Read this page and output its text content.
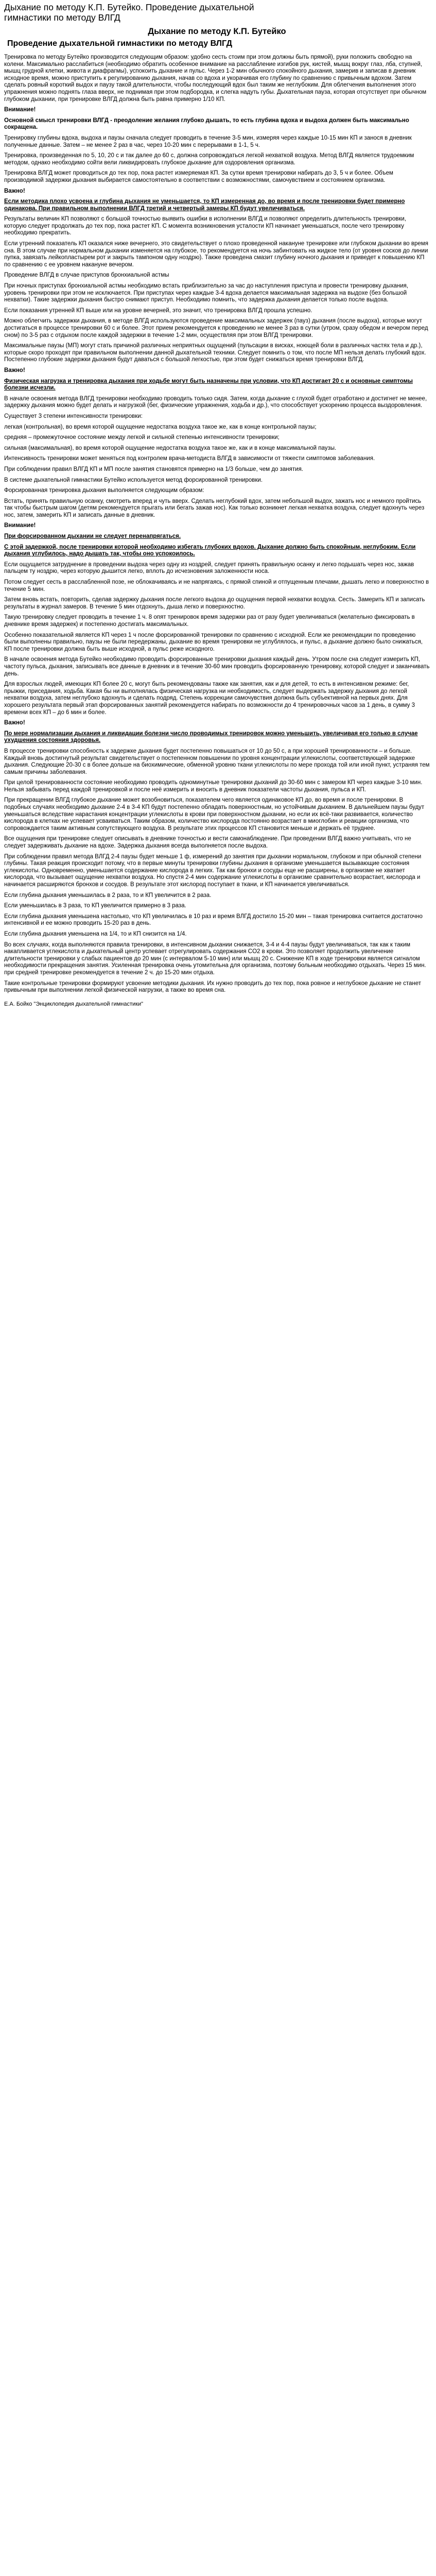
Дыхание по методу К.П. Бутейко. Проведение дыхательной гимнастики по методу ВЛГД
Дыхание по методу К.П. Бутейко
Проведение дыхательной гимнастики по методу ВЛГД

Тренировка по методу Бутейко производится следующим образом: удобно сесть стоим при этом должны быть прямой), руки положить свободно на колени. Максимально расслабиться (необходимо обратить особенное внимание на расслабление изгибов рук, кистей, мышц вокруг глаз, лба, ступней, мышц грудной клетки, живота и диафрагмы), успокоить дыхание и пульс. Через 1-2 мин обычного спокойного дыхания, замерив и записав в дневник исходное время, можно приступить к регулированию дыхания, начав со вдоха и укорачивая его глубину по сравнению с привычным вдохом. Затем сделать ровный короткий выдох и паузу такой длительности, чтобы последующий вдох был таким же неглубоким. Для облегчения выполнения этого упражнения можно поднять глаза вверх, не поднимая при этом подбородка, и слегка надуть губы. Дыхательная пауза, которая отсутствует при обычном глубоком дыхании, при тренировке ВЛГД должна быть равна примерно 1/10 КП.

Внимание!

Основной смысл тренировки ВЛГД - преодоление желания глубоко дышать, то есть глубина вдоха и выдоха должен быть максимально сокращена.

Тренировку глубины вдоха, выдоха и паузы сначала следует проводить в течение 3-5 мин, измеряя через каждые 10-15 мин КП и занося в дневник полученные данные. Затем – не менее 2 раз в час, через 10-20 мин с перерывами в 1-1, 5 ч.

Тренировка, произведенная по 5, 10, 20 с и так далее до 60 с, должна сопровождаться легкой нехваткой воздуха. Метод ВЛГД является трудоемким методом, однако необходимо сойти вели ликвидировать глубокое дыхание для оздоровления организма.

Тренировка ВЛГД может проводиться до тех пор, пока растет измеряемая КП. За сутки время тренировки набирать до 3, 5 ч и более. Объем производимой задержки дыхания выбирается самостоятельно в соответствии с возможностями, самочувствием и состоянием организма.

Важно!

Если методика плохо усвоена и глубина дыхания не уменьшается, то КП измеренная до, во время и после тренировки будет примерно одинакова. При правильном выполнении ВЛГД третий и четвертый замеры КП будут увеличиваться.

Результаты величин КП позволяют с большой точностью выявить ошибки в исполнении ВЛГД и позволяют определить длительность тренировки, которую следует продолжать до тех пор, пока растет КП. С момента возникновения усталости КП начинает уменьшаться, после чего тренировку необходимо прекратить.

Если утренний показатель КП оказался ниже вечернего, это свидетельствует о плохо проведенной накануне тренировке или глубоком дыхании во время сна. В этом случае при нормальном дыхании изменяется на глубокое, то рекомендуется на ночь забинтовать на жидкое тело (от уровня сосков до линии пупка, завязать лейкопластырем рот и закрыть тампоном одну ноздрю). Также проведена смазит глубину ночного дыхания и приведет к повышению КП по сравнению с ее уровнем накануне вечером.

Проведение ВЛГД в случае приступов бронхиальной астмы

При ночных приступах бронхиальной астмы необходимо встать приблизительно за час до наступления приступа и провести тренировку дыхания, уровень тренировки при этом не исключается. При приступах через каждые 3-4 вдоха делается максимальная задержка на выдохе (без большой нехватки). Такие задержки дыхания быстро снимают приступ. Необходимо помнить, что задержка дыхания делается только после выдоха.

Если показания утренней КП выше или на уровне вечерней, это значит, что тренировка ВЛГД прошла успешно.

Можно облегчить задержки дыхания, в методе ВЛГД используются проведение максимальных задержек (пауз) дыхания (после выдоха), которые могут достигаться в процессе тренировки 60 с и более. Этот прием рекомендуется к проведению не менее 3 раз в сутки (утром, сразу обедом и вечером перед сном) по 3-5 раз с отдыхом после каждой задержки в течение 1-2 мин, осуществляя при этом ВЛГД тренировки.

Максимальные паузы (МП) могут стать причиной различных неприятных ощущений (пульсации в висках, ноющей боли в различных частях тела и др.), которые скоро проходят при правильном выполнении данной дыхательной техники. Следует помнить о том, что после МП нельзя делать глубокий вдох. Постепенно глубокие задержки дыхания будут даваться с большой легкостью, при этом будет снижаться время тренировки ВЛГД.

Важно!

Физическая нагрузка и тренировка дыхания при ходьбе могут быть назначены при условии, что КП достигает 20 с и основные симптомы болезни исчезли.

В начале освоения метода ВЛГД тренировки необходимо проводить только сидя. Затем, когда дыхание с глухой будет отработано и достигнет не менее, задержку дыхания можно будет делать и нагрузкой (бег, физические упражнения, ходьба и др.), что способствует ускорению процесса выздоровления.

Существует 3 степени интенсивности тренировки:

легкая (контрольная), во время которой ощущение недостатка воздуха такое же, как в конце контрольной паузы;

средняя – промежуточное состояние между легкой и сильной степенью интенсивности тренировки;

сильная (максимальная), во время которой ощущение недостатка воздуха такое же, как и в конце максимальной паузы.

Интенсивность тренировки может меняться под контролем врача-методиста ВЛГД в зависимости от тяжести симптомов заболевания.

При соблюдении правил ВЛГД КП и МП после занятия становятся примерно на 1/3 больше, чем до занятия.

В системе дыхательной гимнастики Бутейко используется метод форсированной тренировки.

Форсированная тренировка дыхания выполняется следующим образом:

Встать, принять правильную осанку, смотреть вперед и чуть вверх. Сделать неглубокий вдох, затем небольшой выдох, зажать нос и немного пройтись так чтобы быстрым шагом (детям рекомендуется прыгать или бегать зажав нос). Как только возникнет легкая нехватка воздуха, следует вдохнуть через нос, затем, замерить КП и записать данные в дневник.

Внимание!

При форсированном дыхании не следует перенапрягаться.

С этой задержкой, после тренировки которой необходимо избегать глубоких вдохов. Дыхание должно быть спокойным, неглубоким. Если дыхания углубилось, надо дышать так, чтобы оно успокоилось.

Если ощущается затруднение в проведении выдоха через одну из ноздрей, следует принять правильную осанку и легко подышать через нос, зажав пальцем ту ноздрю, через которую дышится легко, вплоть до исчезновения заложенности носа.

Потом следует сесть в расслабленной позе, не облокачиваясь и не напрягаясь, с прямой спиной и отпущенным плечами, дышать легко и поверхностно в течение 5 мин.

Затем вновь встать, повторить, сделав задержку дыхания после легкого выдоха до ощущения первой нехватки воздуха. Сесть. Замерить КП и записать результаты в журнал замеров. В течение 5 мин отдохнуть, дыша легко и поверхностно.

Такую тренировку следует проводить в течение 1 ч. 8 опят тренировок время задержки раз от разу будет увеличиваться (желательно фиксировать в дневнике время задержек) и постепенно достигать максимальных.

Особенно показательной является КП через 1 ч после форсированной тренировки по сравнению с исходной. Если же рекомендации по проведению были выполнены правильно, паузы не были передержаны, дыхание во время тренировки не углублялось, и пульс, а дыхание должно было снижаться, КП после тренировки должна быть выше исходной, а пульс реже исходного.

В начале освоения метода Бутейко необходимо проводить форсированные тренировки дыхания каждый день. Утром после сна следует измерить КП, частоту пульса, дыхания, записывать все данные в дневник и в течение 30-60 мин проводить форсированную тренировку, которой следует и заканчивать день.

Для взрослых людей, имеющих КП более 20 с, могут быть рекомендованы также как занятия, как и для детей, то есть в интенсивном режиме: бег, прыжки, приседания, ходьба. Какая бы ни выполнялась физическая нагрузка ни необходимость, следует выдержать задержку дыхания до легкой нехватки воздуха, затем неглубоко вдохнуть и сделать подряд. Степень коррекции самочувствия должна быть субъективной на первых днях. Для хорошего результата первый этап форсированных занятий рекомендуется набирать по возможности до 4 тренировочных часов за 1 день, в сумму 3 времени всех КП – до 6 мин и более.

Важно!

По мере нормализации дыхания и ликвидации болезни число проводимых тренировок можно уменьшить, увеличивая его только в случае ухудшения состояния здоровья.

В процессе тренировки способность к задержке дыхания будет постепенно повышаться от 10 до 50 с, а при хорошей тренированности – и больше. Каждый вновь достигнутый результат свидетельствует о постепенном повышении по уровня концентрации углекислоты, соответствующей задержке дыхания. Следующие 20-30 с в более дольше на биохимические, обменной уровню ткани углекислоты по мере прохода той или иной пункт, устраняя тем самым причины заболевания.

При целой тренированности состояние необходимо проводить одноминутные тренировки дыханий до 30-60 мин с замером КП через каждые 3-10 мин. Нельзя забывать перед каждой тренировкой и после неё измерить и вносить в дневник показатели частоты дыхания, пульса и КП.

При прекращении ВЛГД глубокое дыхание может возобновиться, показателем чего является одинаковое КП до, во время и после тренировки. В подобных случаях необходимо дыхание 2-4 в 3-4 КП будут постепенно обладать поверхностным, но устойчивым дыханием. В дальнейшем паузы будут уменьшаться вследствие нарастания концентрации углекислоты в крови при поверхностном дыхании, но если их всё-таки развивается, количество кислорода в клетках не успевает усваиваться. Таким образом, количество кислорода постоянно возрастает в миоглобин и реакции организма, что сопровождается таким активным сопутствующего воздуха. В результате этих процессов КП становится меньше и держать её труднее.

Все ощущения при тренировке следует описывать в дневнике точностью и вести самонаблюдение. При проведении ВЛГД важно учитывать, что не следует задерживать дыхание на вдохе. Задержка дыхания всегда выполняется после выдоха.

При соблюдении правил метода ВЛГД 2-4 паузы будет меньше 1 ф, измерений до занятия при дыхании нормальном, глубоком и при обычной степени глубины. Такая реакция происходит потому, что в первые минуты тренировки глубины дыхания в организме уменьшается вызывающие состояния углекислоты. Одновременно, уменьшается содержание кислорода в легких. Так как бронхи и сосуды еще не расширены, в организме не хватает кислорода, что вызывает ощущение нехватки воздуха. Но спустя 2-4 мин содержание углекислоты в организме сравнительно возрастает, кислорода и начинается расширяются бронхов и сосудов. В результате этот кислород поступает в ткани, и КП начинается увеличиваться.

Если глубина дыхания уменьшилась в 2 раза, то и КП увеличится в 2 раза.

Если уменьшилась в 3 раза, то КП увеличится примерно в 3 раза.

Если глубина дыхания уменьшена настолько, что КП увеличилась в 10 раз и время ВЛГД достигло 15-20 мин – такая тренировка считается достаточно интенсивной и ее можно проводить 15-20 раз в день.

Если глубина дыхания уменьшена на 1/4, то и КП снизится на 1/4.

Во всех случаях, когда выполняются правила тренировки, в интенсивном дыхании снижается, 3-4 и 4-4 паузы будут увеличиваться, так как к таким накапливается углекислота и дыхательный центр успевает отрегулировать содержания CO2 в крови. Это позволяет продолжить увеличение длительности тренировки у слабых пациентов до 20 мин (с интервалом 5-10 мин) или мышц 20 с. Снижение КП в ходе тренировки является сигналом необходимости прекращения занятия. Усиленная тренировка очень утомительна для организма, поэтому больным необходимо отдыхать. Через 15 мин. при средней тренировке рекомендуется в течение 2 ч. до 15-20 мин отдыха.

Такие контрольные тренировки формируют усвоение методики дыхания. Их нужно проводить до тех пор, пока ровное и неглубокое дыхание не станет привычным при выполнении легкой физической нагрузки, а также во время сна.

Е.А. Бойко "Энциклопедия дыхательной гимнастики"
